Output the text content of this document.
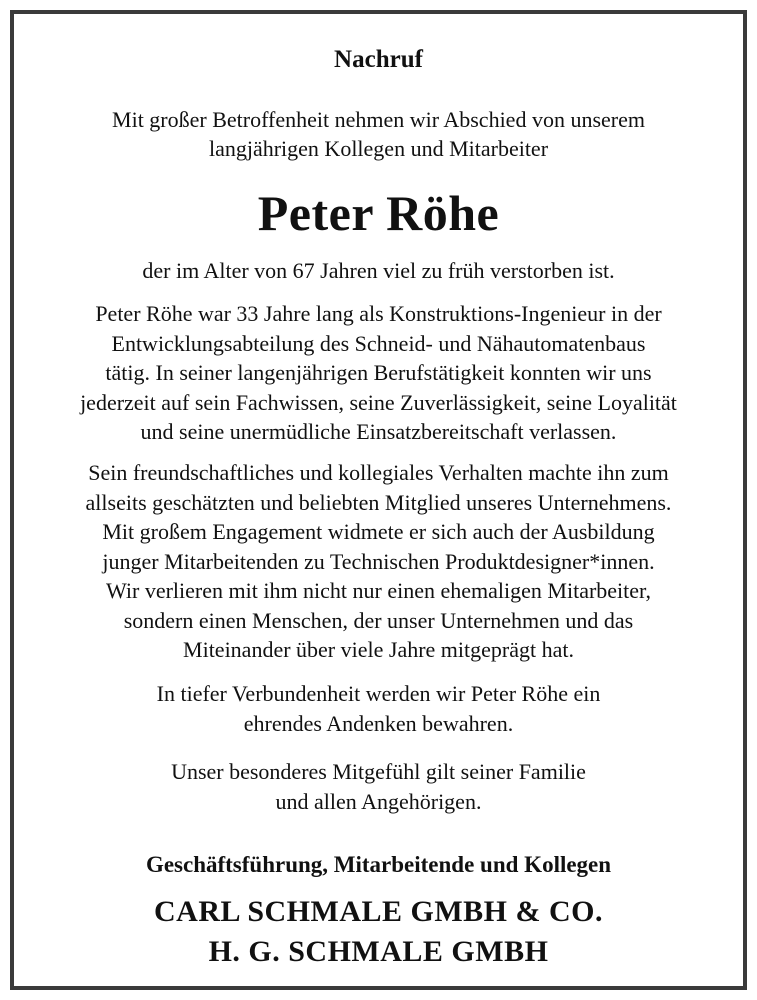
Nachruf
Mit großer Betroffenheit nehmen wir Abschied von unserem
langjährigen Kollegen und Mitarbeiter
Peter Röhe
der im Alter von 67 Jahren viel zu früh verstorben ist.
Peter Röhe war 33 Jahre lang als Konstruktions-Ingenieur in der
Entwicklungsabteilung des Schneid- und Nähautomatenbaus
tätig. In seiner langenjährigen Berufstätigkeit konnten wir uns
jederzeit auf sein Fachwissen, seine Zuverlässigkeit, seine Loyalität
und seine unermüdliche Einsatzbereitschaft verlassen.
Sein freundschaftliches und kollegiales Verhalten machte ihn zum
allseits geschätzten und beliebten Mitglied unseres Unternehmens.
Mit großem Engagement widmete er sich auch der Ausbildung
junger Mitarbeitenden zu Technischen Produktdesigner*innen.
Wir verlieren mit ihm nicht nur einen ehemaligen Mitarbeiter,
sondern einen Menschen, der unser Unternehmen und das
Miteinander über viele Jahre mitgeprägt hat.
In tiefer Verbundenheit werden wir Peter Röhe ein
ehrendes Andenken bewahren.
Unser besonderes Mitgefühl gilt seiner Familie
und allen Angehörigen.
Geschäftsführung, Mitarbeitende und Kollegen
CARL SCHMALE GMBH & CO.
H. G. SCHMALE GMBH
